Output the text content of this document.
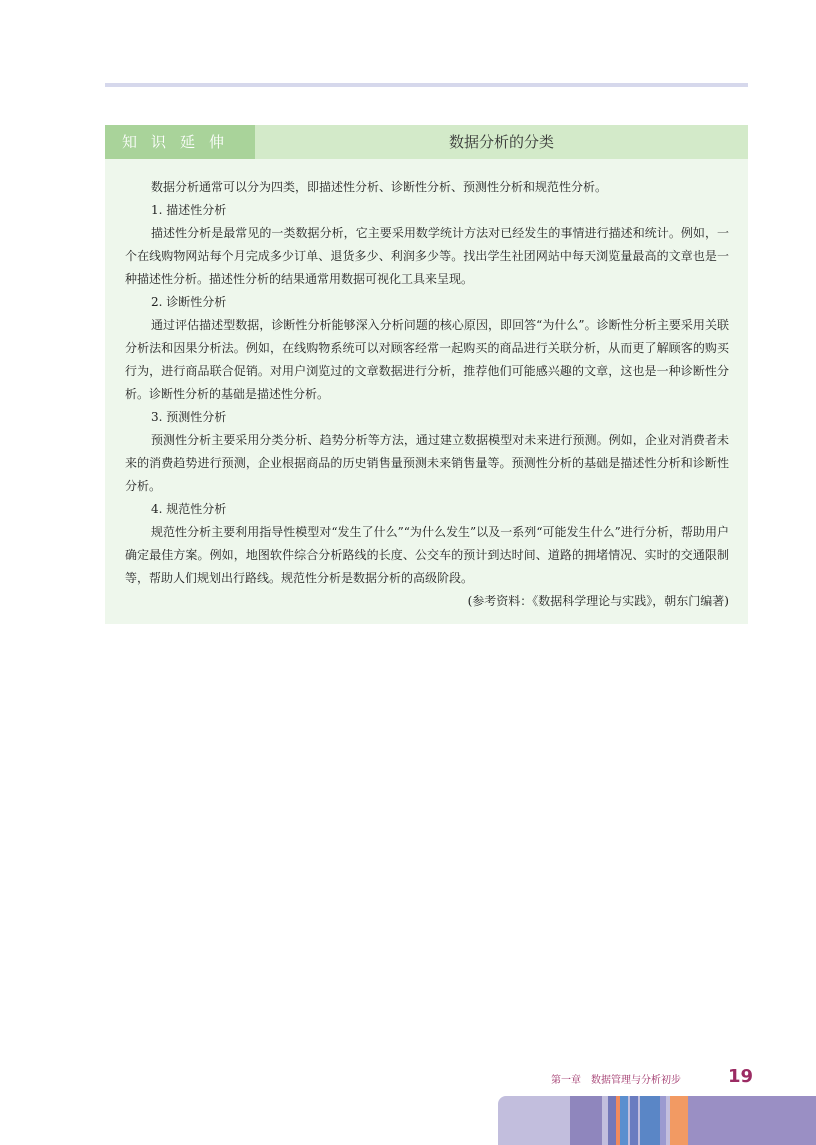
知识延伸	数据分析的分类

数据分析通常可以分为四类，即描述性分析、诊断性分析、预测性分析和规范性分析。

1. 描述性分析

描述性分析是最常见的一类数据分析，它主要采用数学统计方法对已经发生的事情进行描述和统计。例如，一个在线购物网站每个月完成多少订单、退货多少、利润多少等。找出学生社团网站中每天浏览量最高的文章也是一种描述性分析。描述性分析的结果通常用数据可视化工具来呈现。

2. 诊断性分析

通过评估描述型数据，诊断性分析能够深入分析问题的核心原因，即回答“为什么”。诊断性分析主要采用关联分析法和因果分析法。例如，在线购物系统可以对顾客经常一起购买的商品进行关联分析，从而更了解顾客的购买行为，进行商品联合促销。对用户浏览过的文章数据进行分析，推荐他们可能感兴趣的文章，这也是一种诊断性分析。诊断性分析的基础是描述性分析。

3. 预测性分析

预测性分析主要采用分类分析、趋势分析等方法，通过建立数据模型对未来进行预测。例如，企业对消费者未来的消费趋势进行预测，企业根据商品的历史销售量预测未来销售量等。预测性分析的基础是描述性分析和诊断性分析。

4. 规范性分析

规范性分析主要利用指导性模型对“发生了什么”“为什么发生”以及一系列“可能发生什么”进行分析，帮助用户确定最佳方案。例如，地图软件综合分析路线的长度、公交车的预计到达时间、道路的拥堵情况、实时的交通限制等，帮助人们规划出行路线。规范性分析是数据分析的高级阶段。

(参考资料：《数据科学理论与实践》，朝东门编著)

第一章　数据管理与分析初步	19
